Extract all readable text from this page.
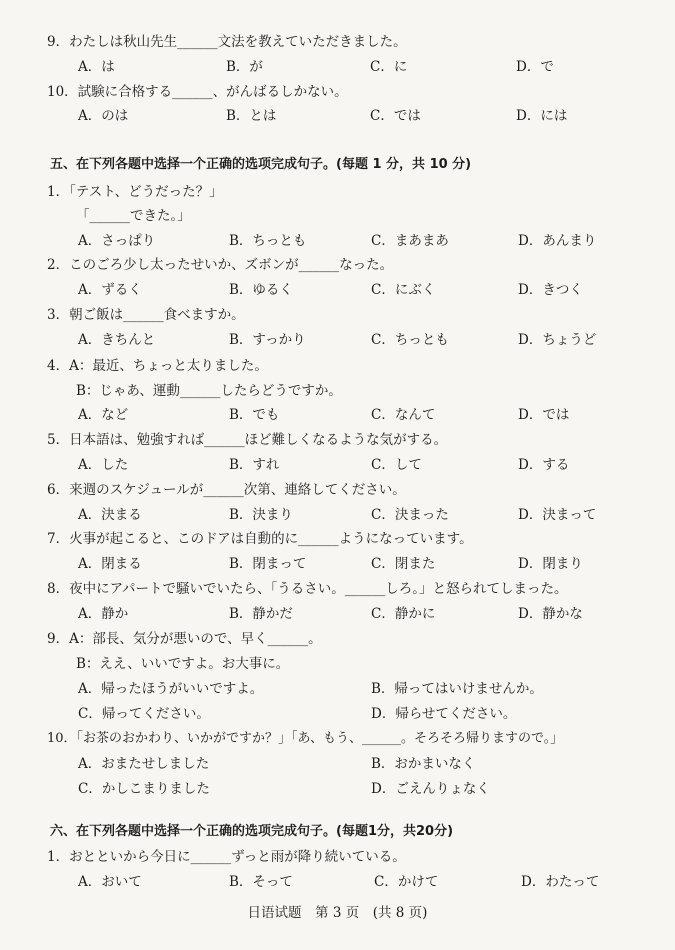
9．わたしは秋山先生______文法を教えていただきました。
A．は	B．が	C．に	D．で
10．試験に合格する______、がんばるしかない。
A．のは	B．とは	C．では	D．には
五、在下列各题中选择一个正确的选项完成句子。(每题 1 分，共 10 分)
1．「テスト、どうだった？」
「______できた。」
A．さっぱり	B．ちっとも	C．まあまあ	D．あんまり
2．このごろ少し太ったせいか、ズボンが______なった。
A．ずるく	B．ゆるく	C．にぶく	D．きつく
3．朝ご飯は______食べますか。
A．きちんと	B．すっかり	C．ちっとも	D．ちょうど
4．A：最近、ちょっと太りました。
B：じゃあ、運動______したらどうですか。
A．など	B．でも	C．なんて	D．では
5．日本語は、勉強すれば______ほど難しくなるような気がする。
A．した	B．すれ	C．して	D．する
6．来週のスケジュールが______次第、連絡してください。
A．決まる	B．決まり	C．決まった	D．決まって
7．火事が起こると、このドアは自動的に______ようになっています。
A．閉まる	B．閉まって	C．閉また	D．閉まり
8．夜中にアパートで騒いでいたら、「うるさい。______しろ。」と怒られてしまった。
A．静か	B．静かだ	C．静かに	D．静かな
9．A：部長、気分が悪いので、早く______。
B：ええ、いいですよ。お大事に。
A．帰ったほうがいいですよ。	B．帰ってはいけませんか。
C．帰ってください。	D．帰らせてください。
10．「お茶のおかわり、いかがですか？」「あ、もう、______。そろそろ帰りますので。」
A．おまたせしました	B．おかまいなく
C．かしこまりました	D．ごえんりょなく
六、在下列各题中选择一个正确的选项完成句子。(每题1分，共20分)
1．おとといから今日に______ずっと雨が降り続いている。
A．おいて	B．そって	C．かけて	D．わたって
日语试题　第 3 页　(共 8 页)
